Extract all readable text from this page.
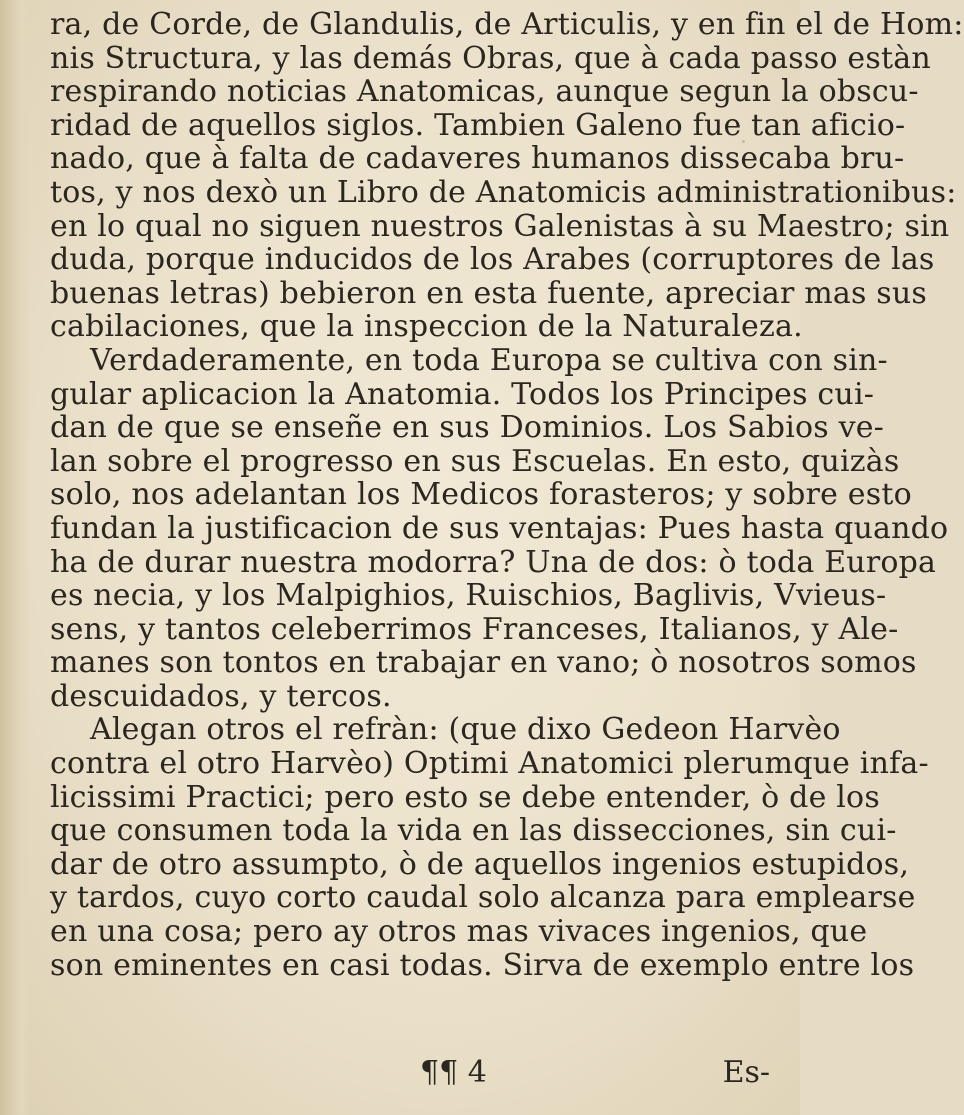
ra, de Corde, de Glandulis, de Articulis, y en fin el de Hom:
nis Structura, y las demás Obras, que à cada passo estàn
respirando noticias Anatomicas, aunque segun la obscu-
ridad de aquellos siglos. Tambien Galeno fue tan aficio-
nado, que à falta de cadaveres humanos dissecaba bru-
tos, y nos dexò un Libro de Anatomicis administrationibus:
en lo qual no siguen nuestros Galenistas à su Maestro; sin
duda, porque inducidos de los Arabes (corruptores de las
buenas letras) bebieron en esta fuente, apreciar mas sus
cabilaciones, que la inspeccion de la Naturaleza.
Verdaderamente, en toda Europa se cultiva con sin-
gular aplicacion la Anatomia. Todos los Principes cui-
dan de que se enseñe en sus Dominios. Los Sabios ve-
lan sobre el progresso en sus Escuelas. En esto, quizàs
solo, nos adelantan los Medicos forasteros; y sobre esto
fundan la justificacion de sus ventajas: Pues hasta quando
ha de durar nuestra modorra? Una de dos: ò toda Europa
es necia, y los Malpighios, Ruischios, Baglivis, Vvieus-
sens, y tantos celeberrimos Franceses, Italianos, y Ale-
manes son tontos en trabajar en vano; ò nosotros somos
descuidados, y tercos.
Alegan otros el refràn: (que dixo Gedeon Harvèo
contra el otro Harvèo) Optimi Anatomici plerumque infa-
licissimi Practici; pero esto se debe entender, ò de los
que consumen toda la vida en las dissecciones, sin cui-
dar de otro assumpto, ò de aquellos ingenios estupidos,
y tardos, cuyo corto caudal solo alcanza para emplearse
en una cosa; pero ay otros mas vivaces ingenios, que
son eminentes en casi todas. Sirva de exemplo entre los
¶¶ 4	Es-
